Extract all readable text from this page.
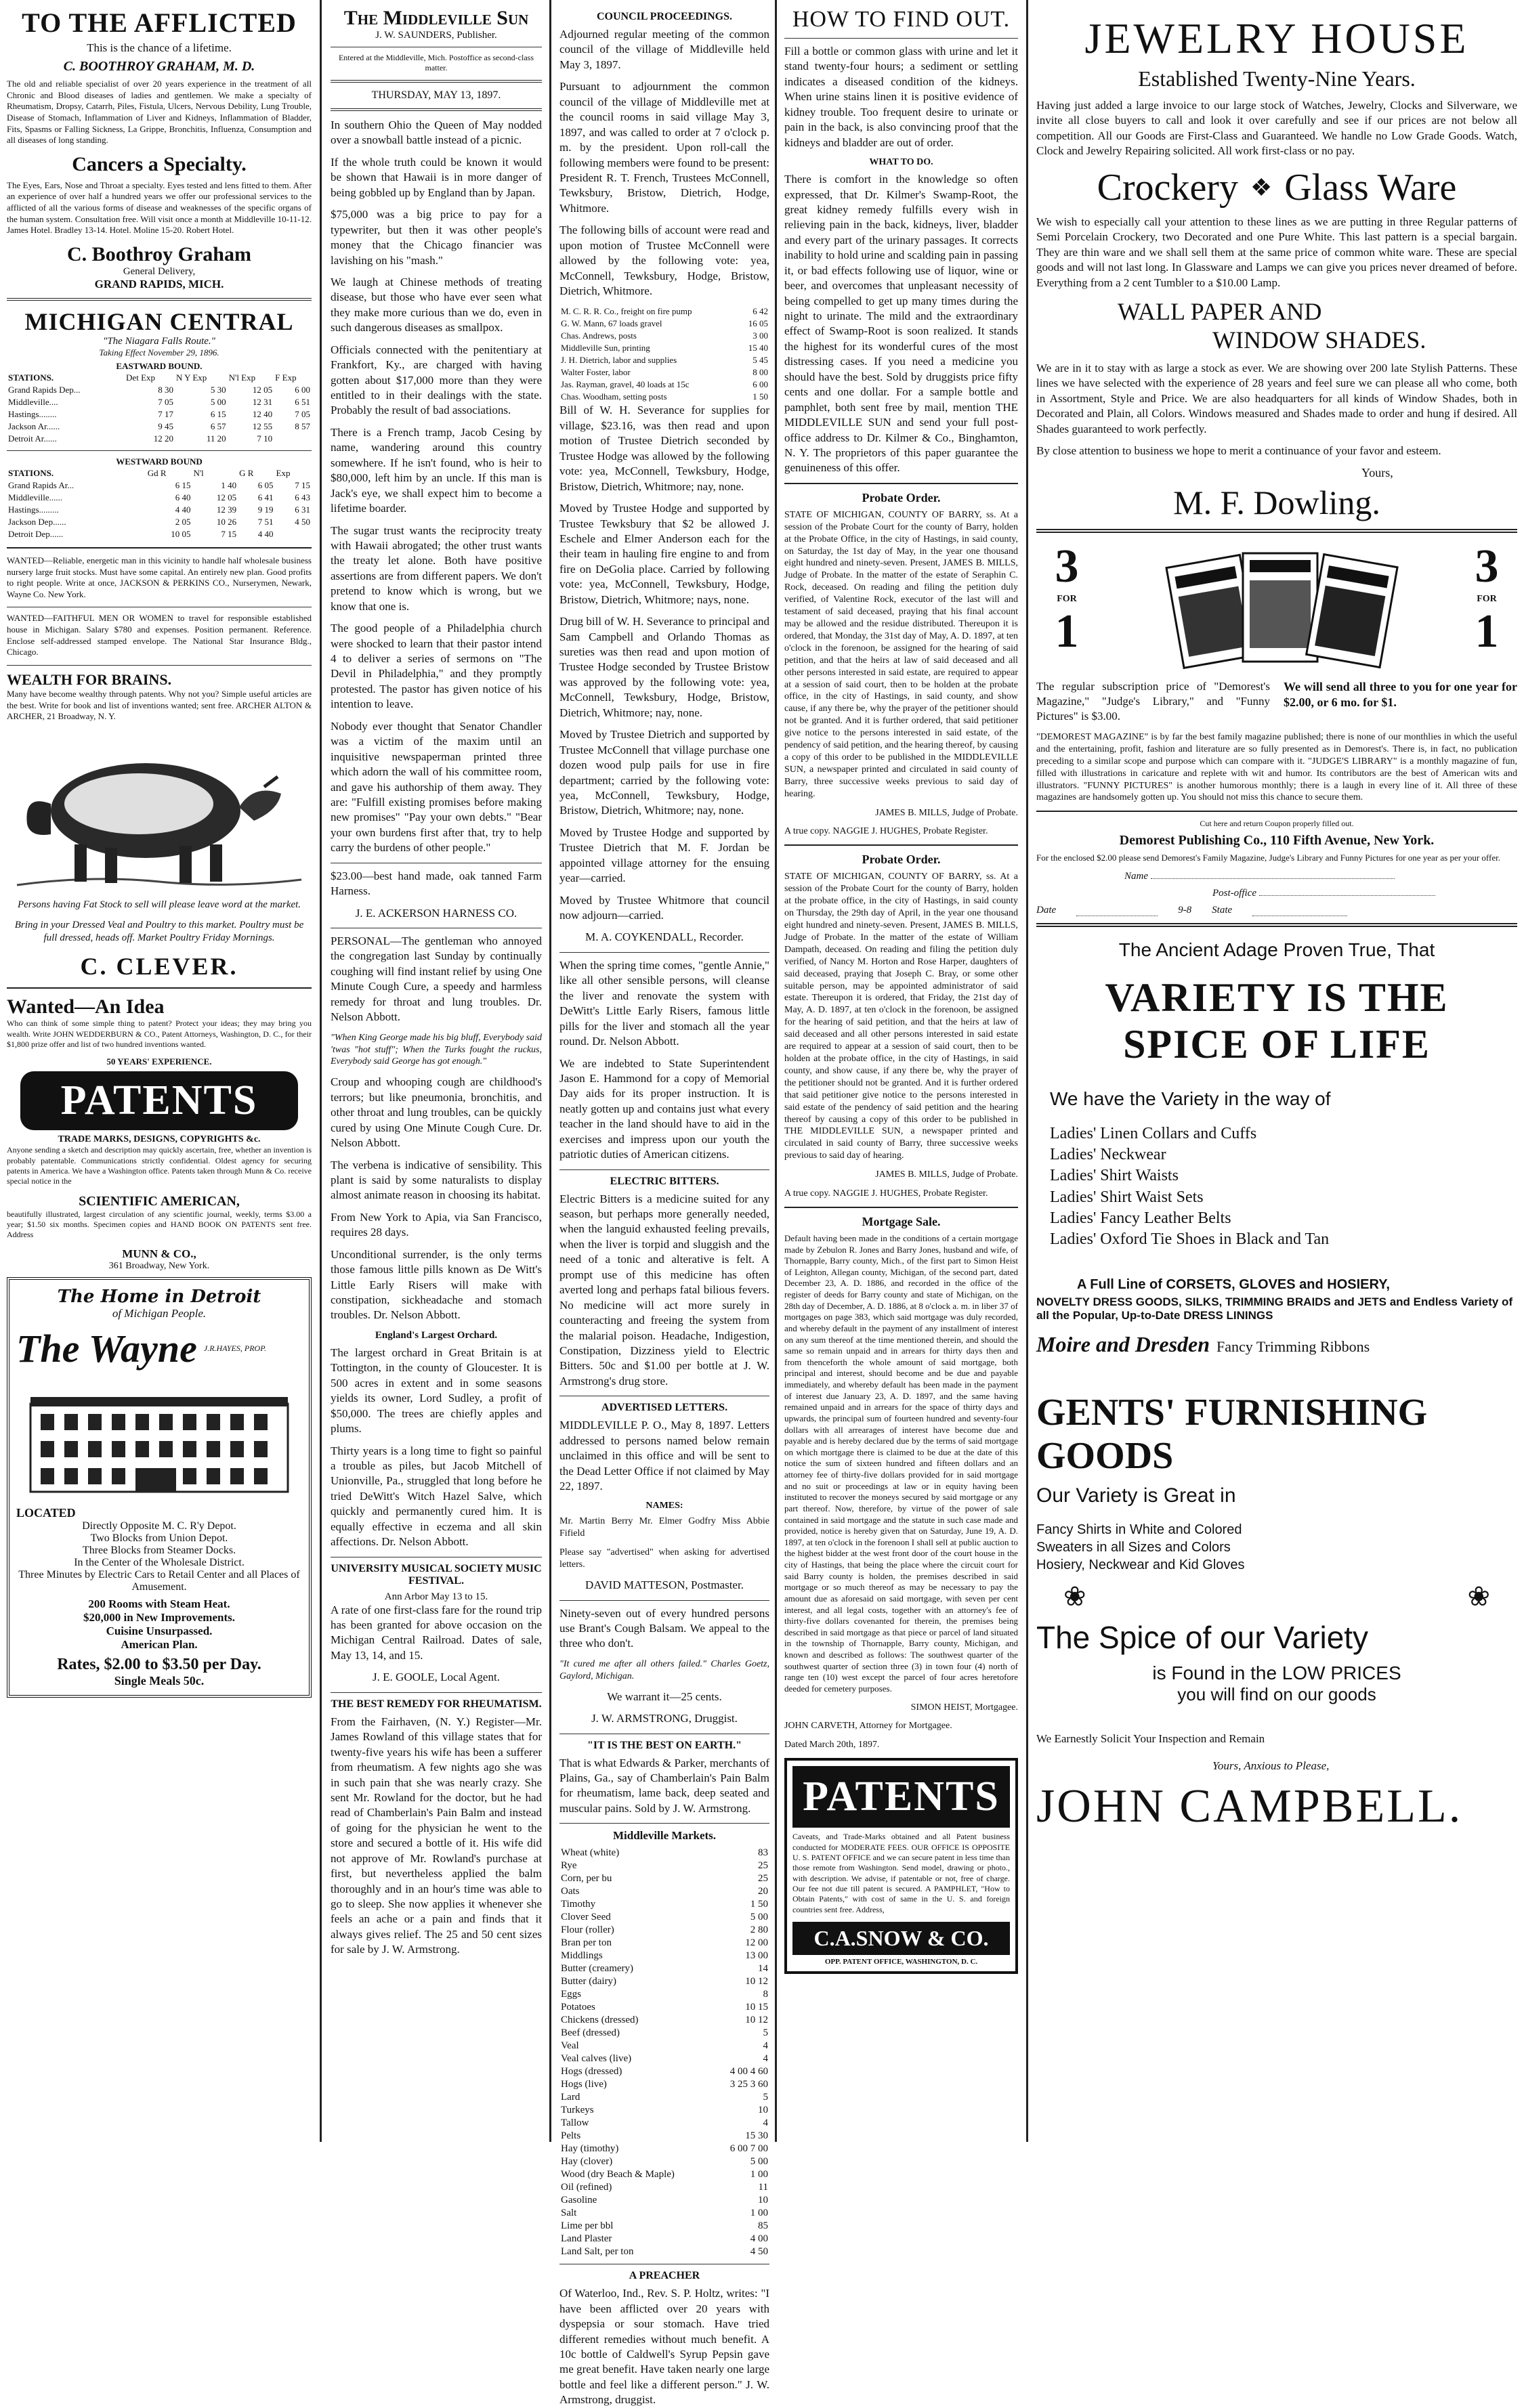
TO THE AFFLICTED
This is the chance of a lifetime.
C. BOOTHROY GRAHAM, M. D.

The old and reliable specialist of over 20 years experience in the treatment of all Chronic and Blood diseases of ladies and gentlemen. We make a specialty of Rheumatism, Dropsy, Catarrh, Piles, Fistula, Ulcers, Nervous Debility, Lung Trouble, Disease of Stomach, Inflammation of Liver and Kidneys, Inflammation of Bladder, Fits, Spasms or Falling Sickness, La Grippe, Bronchitis, Influenza, Consumption and all diseases of long standing.

Cancers a Specialty.

The Eyes, Ears, Nose and Throat a specialty. Eyes tested and lens fitted to them. After an experience of over half a hundred years we offer our professional services to the afflicted of all the various forms of disease and weaknesses of the specific organs of the human system. Consultation free. Will visit once a month at Middleville 10-11-12. James Hotel. Bradley 13-14. Hotel. Moline 15-20. Robert Hotel.

C. Boothroy Graham
General Delivery,
GRAND RAPIDS, MICH.
MICHIGAN CENTRAL
"The Niagara Falls Route."
Taking Effect November 29, 1896.
EASTWARD BOUND.
STATIONS.	Det Exp	N Y Exp	N'l Exp	F Exp
Grand Rapids Dep...	8 30	5 30	12 05	6 00
Middleville....	7 05	5 00	12 31	6 51
Hastings........	7 17	6 15	12 40	7 05
Jackson Ar......	9 45	6 57	12 55	8 57
Detroit Ar......	12 20	11 20	7 10	
WESTWARD BOUND
STATIONS.	Gd R	N'l	G R	Exp
Grand Rapids Ar...	6 15	1 40	6 05	7 15
Middleville......	6 40	12 05	6 41	6 43
Hastings.........	4 40	12 39	9 19	6 31
Jackson Dep......	2 05	10 26	7 51	4 50
Detroit Dep......	10 05	7 15	4 40	

WANTED—Reliable, energetic man in this vicinity to handle half wholesale business nursery large fruit stocks. Must have some capital. An entirely new plan. Good profits to right people. Write at once, JACKSON & PERKINS CO., Nurserymen, Newark, Wayne Co. New York.

WANTED—FAITHFUL MEN OR WOMEN to travel for responsible established house in Michigan. Salary $780 and expenses. Position permanent. Reference. Enclose self-addressed stamped envelope. The National Star Insurance Bldg., Chicago.

WEALTH FOR BRAINS.

Many have become wealthy through patents. Why not you? Simple useful articles are the best. Write for book and list of inventions wanted; sent free. ARCHER ALTON & ARCHER, 21 Broadway, N. Y.

Persons having Fat Stock to sell will please leave word at the market.

Bring in your Dressed Veal and Poultry to this market. Poultry must be full dressed, heads off. Market Poultry Friday Mornings.

C. CLEVER.
Wanted—An Idea

Who can think of some simple thing to patent? Protect your ideas; they may bring you wealth. Write JOHN WEDDERBURN & CO., Patent Attorneys, Washington, D. C., for their $1,800 prize offer and list of two hundred inventions wanted.

50 YEARS' EXPERIENCE.
PATENTS
TRADE MARKS, DESIGNS, COPYRIGHTS &c.

Anyone sending a sketch and description may quickly ascertain, free, whether an invention is probably patentable. Communications strictly confidential. Oldest agency for securing patents in America. We have a Washington office. Patents taken through Munn & Co. receive special notice in the

SCIENTIFIC AMERICAN,

beautifully illustrated, largest circulation of any scientific journal, weekly, terms $3.00 a year; $1.50 six months. Specimen copies and HAND BOOK ON PATENTS sent free. Address

MUNN & CO.,
361 Broadway, New York.
The Home in Detroit
of Michigan People.
The Wayne J.R.HAYES, PROP.
LOCATED
Directly Opposite M. C. R'y Depot.
Two Blocks from Union Depot.
Three Blocks from Steamer Docks.
In the Center of the Wholesale District.
Three Minutes by Electric Cars to Retail Center and all Places of Amusement.
200 Rooms with Steam Heat.
$20,000 in New Improvements.
Cuisine Unsurpassed.
American Plan.
Rates, $2.00 to $3.50 per Day.
Single Meals 50c.
The Middleville Sun
J. W. SAUNDERS, Publisher.
Entered at the Middleville, Mich. Postoffice as second-class matter.
THURSDAY, MAY 13, 1897.

In southern Ohio the Queen of May nodded over a snowball battle instead of a picnic.

If the whole truth could be known it would be shown that Hawaii is in more danger of being gobbled up by England than by Japan.

$75,000 was a big price to pay for a typewriter, but then it was other people's money that the Chicago financier was lavishing on his "mash."

We laugh at Chinese methods of treating disease, but those who have ever seen what they make more curious than we do, even in such dangerous diseases as smallpox.

Officials connected with the penitentiary at Frankfort, Ky., are charged with having gotten about $17,000 more than they were entitled to in their dealings with the state. Probably the result of bad associations.

There is a French tramp, Jacob Cesing by name, wandering around this country somewhere. If he isn't found, who is heir to $80,000, left him by an uncle. If this man is Jack's eye, we shall expect him to become a lifetime boarder.

The sugar trust wants the reciprocity treaty with Hawaii abrogated; the other trust wants the treaty let alone. Both have positive assertions are from different papers. We don't pretend to know which is wrong, but we know that one is.

The good people of a Philadelphia church were shocked to learn that their pastor intend 4 to deliver a series of sermons on "The Devil in Philadelphia," and they promptly protested. The pastor has given notice of his intention to leave.

Nobody ever thought that Senator Chandler was a victim of the maxim until an inquisitive newspaperman printed three which adorn the wall of his committee room, and gave his authorship of them away. They are: "Fulfill existing promises before making new promises" "Pay your own debts." "Bear your own burdens first after that, try to help carry the burdens of other people."

$23.00—best hand made, oak tanned Farm Harness.

J. E. ACKERSON HARNESS CO.

PERSONAL—The gentleman who annoyed the congregation last Sunday by continually coughing will find instant relief by using One Minute Cough Cure, a speedy and harmless remedy for throat and lung troubles. Dr. Nelson Abbott.

"When King George made his big bluff, Everybody said 'twas "hot stuff"; When the Turks fought the ruckus, Everybody said George has got enough."

Croup and whooping cough are childhood's terrors; but like pneumonia, bronchitis, and other throat and lung troubles, can be quickly cured by using One Minute Cough Cure. Dr. Nelson Abbott.

The verbena is indicative of sensibility. This plant is said by some naturalists to display almost animate reason in choosing its habitat.

From New York to Apia, via San Francisco, requires 28 days.

Unconditional surrender, is the only terms those famous little pills known as De Witt's Little Early Risers will make with constipation, sickheadache and stomach troubles. Dr. Nelson Abbott.

England's Largest Orchard.

The largest orchard in Great Britain is at Tottington, in the county of Gloucester. It is 500 acres in extent and in some seasons yields its owner, Lord Sudley, a profit of $50,000. The trees are chiefly apples and plums.

Thirty years is a long time to fight so painful a trouble as piles, but Jacob Mitchell of Unionville, Pa., struggled that long before he tried DeWitt's Witch Hazel Salve, which quickly and permanently cured him. It is equally effective in eczema and all skin affections. Dr. Nelson Abbott.

UNIVERSITY MUSICAL SOCIETY MUSIC FESTIVAL.
Ann Arbor May 13 to 15.

A rate of one first-class fare for the round trip has been granted for above occasion on the Michigan Central Railroad. Dates of sale, May 13, 14, and 15.

J. E. GOOLE, Local Agent.

THE BEST REMEDY FOR RHEUMATISM.

From the Fairhaven, (N. Y.) Register—Mr. James Rowland of this village states that for twenty-five years his wife has been a sufferer from rheumatism. A few nights ago she was in such pain that she was nearly crazy. She sent Mr. Rowland for the doctor, but he had read of Chamberlain's Pain Balm and instead of going for the physician he went to the store and secured a bottle of it. His wife did not approve of Mr. Rowland's purchase at first, but nevertheless applied the balm thoroughly and in an hour's time was able to go to sleep. She now applies it whenever she feels an ache or a pain and finds that it always gives relief. The 25 and 50 cent sizes for sale by J. W. Armstrong.

COUNCIL PROCEEDINGS.

Adjourned regular meeting of the common council of the village of Middleville held May 3, 1897.

Pursuant to adjournment the common council of the village of Middleville met at the council rooms in said village May 3, 1897, and was called to order at 7 o'clock p. m. by the president. Upon roll-call the following members were found to be present: President R. T. French, Trustees McConnell, Tewksbury, Bristow, Dietrich, Hodge, Whitmore.

The following bills of account were read and upon motion of Trustee McConnell were allowed by the following vote: yea, McConnell, Tewksbury, Hodge, Bristow, Dietrich, Whitmore.

M. C. R. R. Co., freight on fire pump	6 42
G. W. Mann, 67 loads gravel	16 05
Chas. Andrews, posts	3 00
Middleville Sun, printing	15 40
J. H. Dietrich, labor and supplies	5 45
Walter Foster, labor	8 00
Jas. Rayman, gravel, 40 loads at 15c	6 00
Chas. Woodham, setting posts	1 50

Bill of W. H. Severance for supplies for village, $23.16, was then read and upon motion of Trustee Dietrich seconded by Trustee Hodge was allowed by the following vote: yea, McConnell, Tewksbury, Hodge, Bristow, Dietrich, Whitmore; nay, none.

Moved by Trustee Hodge and supported by Trustee Tewksbury that $2 be allowed J. Eschele and Elmer Anderson each for the their team in hauling fire engine to and from fire on DeGolia place. Carried by following vote: yea, McConnell, Tewksbury, Hodge, Bristow, Dietrich, Whitmore; nays, none.

Drug bill of W. H. Severance to principal and Sam Campbell and Orlando Thomas as sureties was then read and upon motion of Trustee Hodge seconded by Trustee Bristow was approved by the following vote: yea, McConnell, Tewksbury, Hodge, Bristow, Dietrich, Whitmore; nay, none.

Moved by Trustee Dietrich and supported by Trustee McConnell that village purchase one dozen wood pulp pails for use in fire department; carried by the following vote: yea, McConnell, Tewksbury, Hodge, Bristow, Dietrich, Whitmore; nay, none.

Moved by Trustee Hodge and supported by Trustee Dietrich that M. F. Jordan be appointed village attorney for the ensuing year—carried.

Moved by Trustee Whitmore that council now adjourn—carried.

M. A. COYKENDALL, Recorder.

When the spring time comes, "gentle Annie," like all other sensible persons, will cleanse the liver and renovate the system with DeWitt's Little Early Risers, famous little pills for the liver and stomach all the year round. Dr. Nelson Abbott.

We are indebted to State Superintendent Jason E. Hammond for a copy of Memorial Day aids for its proper instruction. It is neatly gotten up and contains just what every teacher in the land should have to aid in the exercises and impress upon our youth the patriotic duties of American citizens.

ELECTRIC BITTERS.

Electric Bitters is a medicine suited for any season, but perhaps more generally needed, when the languid exhausted feeling prevails, when the liver is torpid and sluggish and the need of a tonic and alterative is felt. A prompt use of this medicine has often averted long and perhaps fatal bilious fevers. No medicine will act more surely in counteracting and freeing the system from the malarial poison. Headache, Indigestion, Constipation, Dizziness yield to Electric Bitters. 50c and $1.00 per bottle at J. W. Armstrong's drug store.

ADVERTISED LETTERS.

MIDDLEVILLE P. O., May 8, 1897. Letters addressed to persons named below remain unclaimed in this office and will be sent to the Dead Letter Office if not claimed by May 22, 1897.

NAMES:

Mr. Martin Berry Mr. Elmer Godfry Miss Abbie Fifield

Please say "advertised" when asking for advertised letters.

DAVID MATTESON, Postmaster.

Ninety-seven out of every hundred persons use Brant's Cough Balsam. We appeal to the three who don't.

"It cured me after all others failed." Charles Goetz, Gaylord, Michigan.

We warrant it—25 cents.

J. W. ARMSTRONG, Druggist.

"IT IS THE BEST ON EARTH."

That is what Edwards & Parker, merchants of Plains, Ga., say of Chamberlain's Pain Balm for rheumatism, lame back, deep seated and muscular pains. Sold by J. W. Armstrong.

Middleville Markets.
Wheat (white)	83
Rye	25
Corn, per bu	25
Oats	20
Timothy	1 50
Clover Seed	5 00
Flour (roller)	2 80
Bran per ton	12 00
Middlings	13 00
Butter (creamery)	14
Butter (dairy)	10 12
Eggs	8
Potatoes	10 15
Chickens (dressed)	10 12
Beef (dressed)	5
Veal	4
Veal calves (live)	4
Hogs (dressed)	4 00 4 60
Hogs (live)	3 25 3 60
Lard	5
Turkeys	10
Tallow	4
Pelts	15 30
Hay (timothy)	6 00 7 00
Hay (clover)	5 00
Wood (dry Beach & Maple)	1 00
Oil (refined)	11
Gasoline	10
Salt	1 00
Lime per bbl	85
Land Plaster	4 00
Land Salt, per ton	4 50
A PREACHER

Of Waterloo, Ind., Rev. S. P. Holtz, writes: "I have been afflicted over 20 years with dyspepsia or sour stomach. Have tried different remedies without much benefit. A 10c bottle of Caldwell's Syrup Pepsin gave me great benefit. Have taken nearly one large bottle and feel like a different person." J. W. Armstrong, druggist.

HOW TO FIND OUT.

Fill a bottle or common glass with urine and let it stand twenty-four hours; a sediment or settling indicates a diseased condition of the kidneys. When urine stains linen it is positive evidence of kidney trouble. Too frequent desire to urinate or pain in the back, is also convincing proof that the kidneys and bladder are out of order.

WHAT TO DO.

There is comfort in the knowledge so often expressed, that Dr. Kilmer's Swamp-Root, the great kidney remedy fulfills every wish in relieving pain in the back, kidneys, liver, bladder and every part of the urinary passages. It corrects inability to hold urine and scalding pain in passing it, or bad effects following use of liquor, wine or beer, and overcomes that unpleasant necessity of being compelled to get up many times during the night to urinate. The mild and the extraordinary effect of Swamp-Root is soon realized. It stands the highest for its wonderful cures of the most distressing cases. If you need a medicine you should have the best. Sold by druggists price fifty cents and one dollar. For a sample bottle and pamphlet, both sent free by mail, mention THE MIDDLEVILLE SUN and send your full post-office address to Dr. Kilmer & Co., Binghamton, N. Y. The proprietors of this paper guarantee the genuineness of this offer.

Probate Order.

STATE OF MICHIGAN, COUNTY OF BARRY, ss. At a session of the Probate Court for the county of Barry, holden at the Probate Office, in the city of Hastings, in said county, on Saturday, the 1st day of May, in the year one thousand eight hundred and ninety-seven. Present, JAMES B. MILLS, Judge of Probate. In the matter of the estate of Seraphin C. Rock, deceased. On reading and filing the petition duly verified, of Valentine Rock, executor of the last will and testament of said deceased, praying that his final account may be allowed and the residue distributed. Thereupon it is ordered, that Monday, the 31st day of May, A. D. 1897, at ten o'clock in the forenoon, be assigned for the hearing of said petition, and that the heirs at law of said deceased and all other persons interested in said estate, are required to appear at a session of said court, then to be holden at the probate office, in the city of Hastings, in said county, and show cause, if any there be, why the prayer of the petitioner should not be granted. And it is further ordered, that said petitioner give notice to the persons interested in said estate, of the pendency of said petition, and the hearing thereof, by causing a copy of this order to be published in the MIDDLEVILLE SUN, a newspaper printed and circulated in said county of Barry, three successive weeks previous to said day of hearing.

JAMES B. MILLS, Judge of Probate.

A true copy. NAGGIE J. HUGHES, Probate Register.

Probate Order.

STATE OF MICHIGAN, COUNTY OF BARRY, ss. At a session of the Probate Court for the county of Barry, holden at the probate office, in the city of Hastings, in said county on Thursday, the 29th day of April, in the year one thousand eight hundred and ninety-seven. Present, JAMES B. MILLS, Judge of Probate. In the matter of the estate of William Dampath, deceased. On reading and filing the petition duly verified, of Nancy M. Horton and Rose Harper, daughters of said deceased, praying that Joseph C. Bray, or some other suitable person, may be appointed administrator of said estate. Thereupon it is ordered, that Friday, the 21st day of May, A. D. 1897, at ten o'clock in the forenoon, be assigned for the hearing of said petition, and that the heirs at law of said deceased and all other persons interested in said estate are required to appear at a session of said court, then to be holden at the probate office, in the city of Hastings, in said county, and show cause, if any there be, why the prayer of the petitioner should not be granted. And it is further ordered that said petitioner give notice to the persons interested in said estate of the pendency of said petition and the hearing thereof by causing a copy of this order to be published in THE MIDDLEVILLE SUN, a newspaper printed and circulated in said county of Barry, three successive weeks previous to said day of hearing.

JAMES B. MILLS, Judge of Probate.

A true copy. NAGGIE J. HUGHES, Probate Register.

Mortgage Sale.

Default having been made in the conditions of a certain mortgage made by Zebulon R. Jones and Barry Jones, husband and wife, of Thornapple, Barry county, Mich., of the first part to Simon Heist of Leighton, Allegan county, Michigan, of the second part, dated December 23, A. D. 1886, and recorded in the office of the register of deeds for Barry county and state of Michigan, on the 28th day of December, A. D. 1886, at 8 o'clock a. m. in liber 37 of mortgages on page 383, which said mortgage was duly recorded, and whereby default in the payment of any installment of interest on any sum thereof at the time mentioned therein, and should the same so remain unpaid and in arrears for thirty days then and from thenceforth the whole amount of said mortgage, both principal and interest, should become and be due and payable immediately, and whereby default has been made in the payment of interest due January 23, A. D. 1897, and the same having remained unpaid and in arrears for the space of thirty days and upwards, the principal sum of fourteen hundred and seventy-four dollars with all arrearages of interest have become due and payable and is hereby declared due by the terms of said mortgage on which mortgage there is claimed to be due at the date of this notice the sum of sixteen hundred and fifteen dollars and an attorney fee of thirty-five dollars provided for in said mortgage and no suit or proceedings at law or in equity having been instituted to recover the moneys secured by said mortgage or any part thereof. Now, therefore, by virtue of the power of sale contained in said mortgage and the statute in such case made and provided, notice is hereby given that on Saturday, June 19, A. D. 1897, at ten o'clock in the forenoon I shall sell at public auction to the highest bidder at the west front door of the court house in the city of Hastings, that being the place where the circuit court for said Barry county is holden, the premises described in said mortgage or so much thereof as may be necessary to pay the amount due as aforesaid on said mortgage, with seven per cent interest, and all legal costs, together with an attorney's fee of thirty-five dollars covenanted for therein, the premises being described in said mortgage as that piece or parcel of land situated in the township of Thornapple, Barry county, Michigan, and known and described as follows: The southwest quarter of the southwest quarter of section three (3) in town four (4) north of range ten (10) west except the parcel of four acres heretofore deeded for cemetery purposes.

SIMON HEIST, Mortgagee.

JOHN CARVETH, Attorney for Mortgagee.

Dated March 20th, 1897.

PATENTS

Caveats, and Trade-Marks obtained and all Patent business conducted for MODERATE FEES. OUR OFFICE IS OPPOSITE U. S. PATENT OFFICE and we can secure patent in less time than those remote from Washington. Send model, drawing or photo., with description. We advise, if patentable or not, free of charge. Our fee not due till patent is secured. A PAMPHLET, "How to Obtain Patents," with cost of same in the U. S. and foreign countries sent free. Address,

C.A.SNOW & CO.
OPP. PATENT OFFICE, WASHINGTON, D. C.
JEWELRY HOUSE
Established Twenty-Nine Years.

Having just added a large invoice to our large stock of Watches, Jewelry, Clocks and Silverware, we invite all close buyers to call and look it over carefully and see if our prices are not below all competition. All our Goods are First-Class and Guaranteed. We handle no Low Grade Goods. Watch, Clock and Jewelry Repairing solicited. All work first-class or no pay.

Crockery ❖ Glass Ware

We wish to especially call your attention to these lines as we are putting in three Regular patterns of Semi Porcelain Crockery, two Decorated and one Pure White. This last pattern is a special bargain. They are thin ware and we shall sell them at the same price of common white ware. These are special goods and will not last long. In Glassware and Lamps we can give you prices never dreamed of before. Everything from a 2 cent Tumbler to a $10.00 Lamp.

WALL PAPER AND
WINDOW SHADES.

We are in it to stay with as large a stock as ever. We are showing over 200 late Stylish Patterns. These lines we have selected with the experience of 28 years and feel sure we can please all who come, both in Assortment, Style and Price. We are also headquarters for all kinds of Window Shades, both in Decorated and Plain, all Colors. Windows measured and Shades made to order and hung if desired. All Shades guaranteed to work perfectly.

By close attention to business we hope to merit a continuance of your favor and esteem.

Yours,
M. F. Dowling.
3
FOR
1
3
FOR
1

The regular subscription price of "Demorest's Magazine," "Judge's Library," and "Funny Pictures" is $3.00.

We will send all three to you for one year for $2.00, or 6 mo. for $1.

"DEMOREST MAGAZINE" is by far the best family magazine published; there is none of our monthlies in which the useful and the entertaining, profit, fashion and literature are so fully presented as in Demorest's. There is, in fact, no publication preceding to a similar scope and purpose which can compare with it. "JUDGE'S LIBRARY" is a monthly magazine of fun, filled with illustrations in caricature and replete with wit and humor. Its contributors are the best of American wits and illustrators. "FUNNY PICTURES" is another humorous monthly; there is a laugh in every line of it. All three of these magazines are handsomely gotten up. You should not miss this chance to secure them.

Cut here and return Coupon properly filled out.
Demorest Publishing Co., 110 Fifth Avenue, New York.

For the enclosed $2.00 please send Demorest's Family Magazine, Judge's Library and Funny Pictures for one year as per your offer.

Name
Post-office
Date	9-8 State
The Ancient Adage Proven True, That
VARIETY IS THE SPICE OF LIFE
We have the Variety in the way of
Ladies' Linen Collars and Cuffs
Ladies' Neckwear
Ladies' Shirt Waists
Ladies' Shirt Waist Sets
Ladies' Fancy Leather Belts
Ladies' Oxford Tie Shoes in Black and Tan
A Full Line of CORSETS, GLOVES and HOSIERY,
NOVELTY DRESS GOODS, SILKS, TRIMMING BRAIDS and JETS and Endless Variety of all the Popular, Up-to-Date DRESS LININGS
Moire and Dresden Fancy Trimming Ribbons
GENTS' FURNISHING GOODS
Our Variety is Great in
Fancy Shirts in White and Colored
Sweaters in all Sizes and Colors
Hosiery, Neckwear and Kid Gloves
❀	❀
The Spice of our Variety
is Found in the LOW PRICES
you will find on our goods
We Earnestly Solicit Your Inspection and Remain
Yours, Anxious to Please,
JOHN CAMPBELL.
